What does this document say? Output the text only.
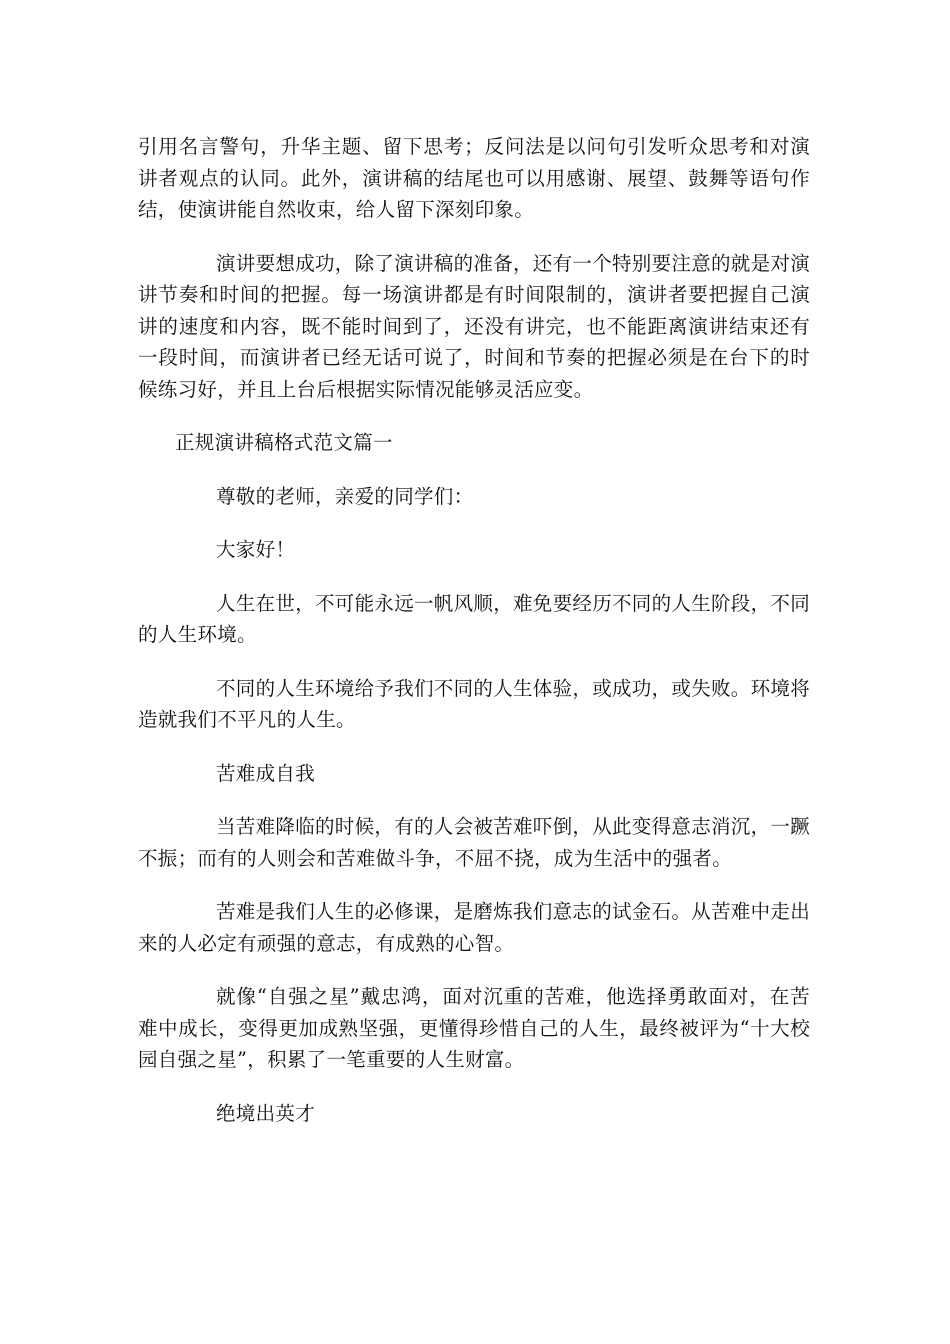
引用名言警句，升华主题、留下思考；反问法是以问句引发听众思考和对演讲者观点的认同。此外，演讲稿的结尾也可以用感谢、展望、鼓舞等语句作结，使演讲能自然收束，给人留下深刻印象。

演讲要想成功，除了演讲稿的准备，还有一个特别要注意的就是对演讲节奏和时间的把握。每一场演讲都是有时间限制的，演讲者要把握自己演讲的速度和内容，既不能时间到了，还没有讲完，也不能距离演讲结束还有一段时间，而演讲者已经无话可说了，时间和节奏的把握必须是在台下的时候练习好，并且上台后根据实际情况能够灵活应变。

正规演讲稿格式范文篇一

尊敬的老师，亲爱的同学们：

大家好！

人生在世，不可能永远一帆风顺，难免要经历不同的人生阶段，不同的人生环境。

不同的人生环境给予我们不同的人生体验，或成功，或失败。环境将造就我们不平凡的人生。

苦难成自我

当苦难降临的时候，有的人会被苦难吓倒，从此变得意志消沉，一蹶不振；而有的人则会和苦难做斗争，不屈不挠，成为生活中的强者。

苦难是我们人生的必修课，是磨炼我们意志的试金石。从苦难中走出来的人必定有顽强的意志，有成熟的心智。

就像“自强之星”戴忠鸿，面对沉重的苦难，他选择勇敢面对，在苦难中成长，变得更加成熟坚强，更懂得珍惜自己的人生，最终被评为“十大校园自强之星”，积累了一笔重要的人生财富。

绝境出英才
